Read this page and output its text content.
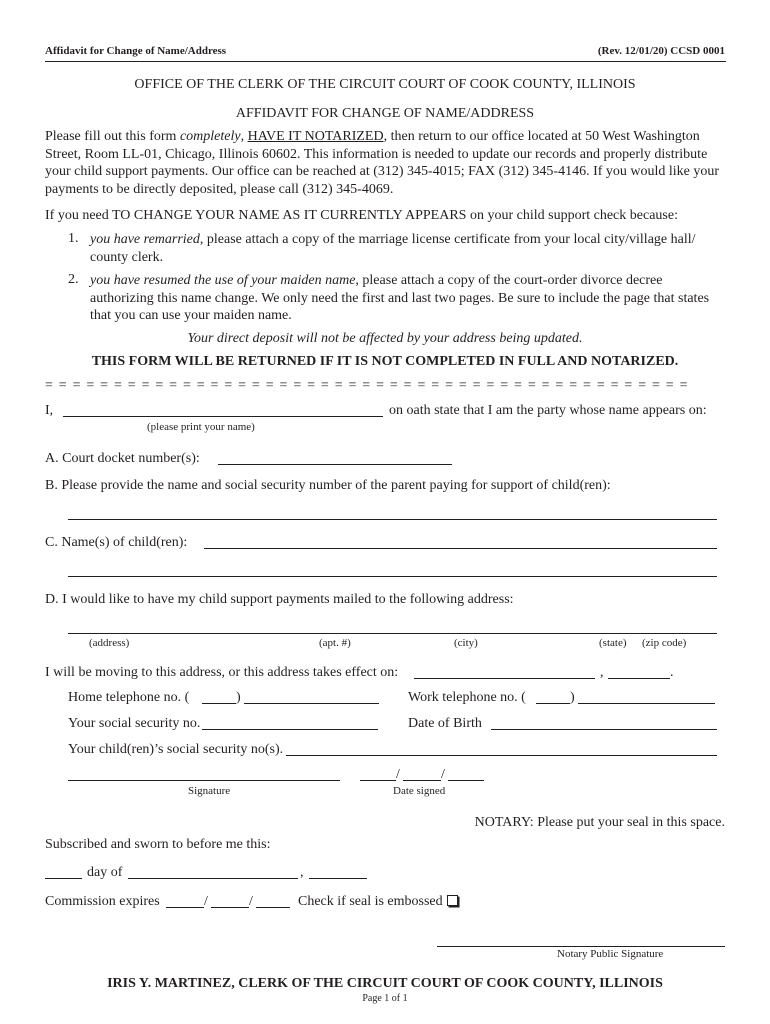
Affidavit for Change of Name/Address	(Rev. 12/01/20) CCSD 0001
OFFICE OF THE CLERK OF THE CIRCUIT COURT OF COOK COUNTY, ILLINOIS
AFFIDAVIT FOR CHANGE OF NAME/ADDRESS
Please fill out this form completely, HAVE IT NOTARIZED, then return to our office located at 50 West Washington Street, Room LL-01, Chicago, Illinois 60602. This information is needed to update our records and properly distribute your child support payments. Our office can be reached at (312) 345-4015; FAX (312) 345-4146. If you would like your payments to be directly deposited, please call (312) 345-4069.
If you need TO CHANGE YOUR NAME AS IT CURRENTLY APPEARS on your child support check because:
1. you have remarried, please attach a copy of the marriage license certificate from your local city/village hall/ county clerk.
2. you have resumed the use of your maiden name, please attach a copy of the court-order divorce decree authorizing this name change. We only need the first and last two pages. Be sure to include the page that states that you can use your maiden name.
Your direct deposit will not be affected by your address being updated.
THIS FORM WILL BE RETURNED IF IT IS NOT COMPLETED IN FULL AND NOTARIZED.
= = = = = = = = = = = = = = = = = = = = = = = = = = = = = = = = = = = = = = = = = = = = = = =
I,	on oath state that I am the party whose name appears on:
(please print your name)
A. Court docket number(s):
B. Please provide the name and social security number of the parent paying for support of child(ren):
C. Name(s) of child(ren):
D. I would like to have my child support payments mailed to the following address:
(address)	(apt. #)	(city)	(state) (zip code)
I will be moving to this address, or this address takes effect on:	,	.
Home telephone no. (	)	Work telephone no. (	)
Your social security no.	Date of Birth
Your child(ren)’s social security no(s).
/	/
Signature	Date signed
NOTARY: Please put your seal in this space.
Subscribed and sworn to before me this:
day of	,
Commission expires	/	/	Check if seal is embossed
Notary Public Signature
IRIS Y. MARTINEZ, CLERK OF THE CIRCUIT COURT OF COOK COUNTY, ILLINOIS
Page 1 of 1
